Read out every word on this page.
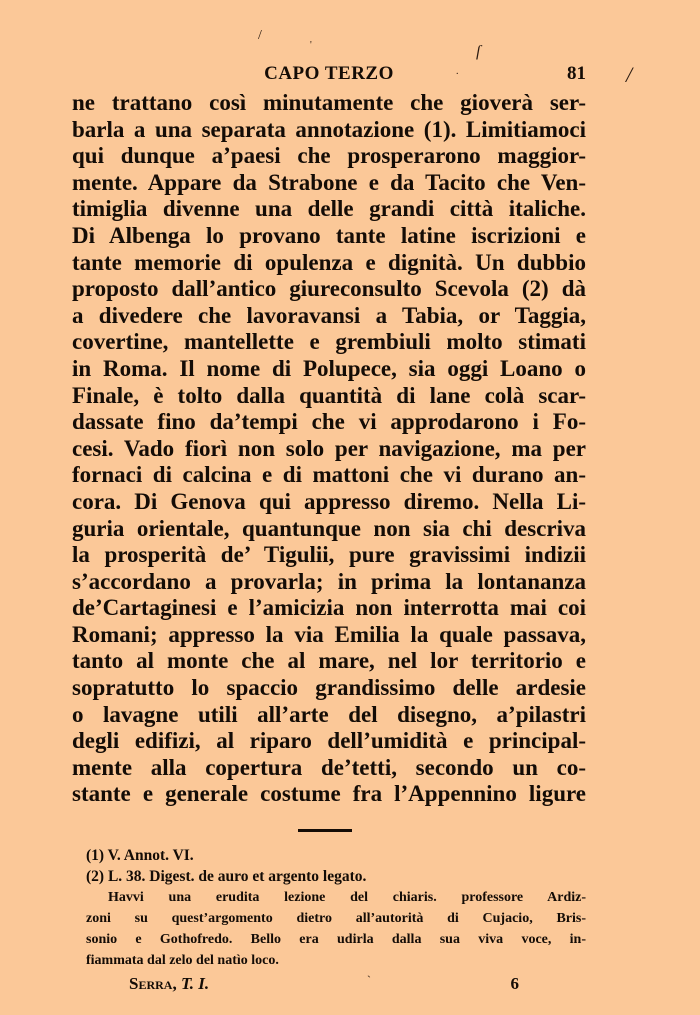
/
'	ſ
/
.
CAPO TERZO	81
ne trattano così minutamente che gioverà ser-
barla a una separata annotazione (1). Limitiamoci
qui dunque a’paesi che prosperarono maggior-
mente. Appare da Strabone e da Tacito che Ven-
timiglia divenne una delle grandi città italiche.
Di Albenga lo provano tante latine iscrizioni e
tante memorie di opulenza e dignità. Un dubbio
proposto dall’antico giureconsulto Scevola (2) dà
a divedere che lavoravansi a Tabia, or Taggia,
covertine, mantellette e grembiuli molto stimati
in Roma. Il nome di Polupece, sia oggi Loano o
Finale, è tolto dalla quantità di lane colà scar-
dassate fino da’tempi che vi approdarono i Fo-
cesi. Vado fiorì non solo per navigazione, ma per
fornaci di calcina e di mattoni che vi durano an-
cora. Di Genova qui appresso diremo. Nella Li-
guria orientale, quantunque non sia chi descriva
la prosperità de’ Tigulii, pure gravissimi indizii
s’accordano a provarla; in prima la lontananza
de’Cartaginesi e l’amicizia non interrotta mai coi
Romani; appresso la via Emilia la quale passava,
tanto al monte che al mare, nel lor territorio e
sopratutto lo spaccio grandissimo delle ardesie
o lavagne utili all’arte del disegno, a’pilastri
degli edifizi, al riparo dell’umidità e principal-
mente alla copertura de’tetti, secondo un co-
stante e generale costume fra l’Appennino ligure
(1) V. Annot. VI.
(2) L. 38. Digest. de auro et argento legato.
Havvi una erudita lezione del chiaris. professore Ardiz-
zoni su quest’argomento dietro all’autorità di Cujacio, Bris-
sonio e Gothofredo. Bello era udirla dalla sua viva voce, in-
fiammata dal zelo del natìo loco.
Serra, T. I.	`	6
